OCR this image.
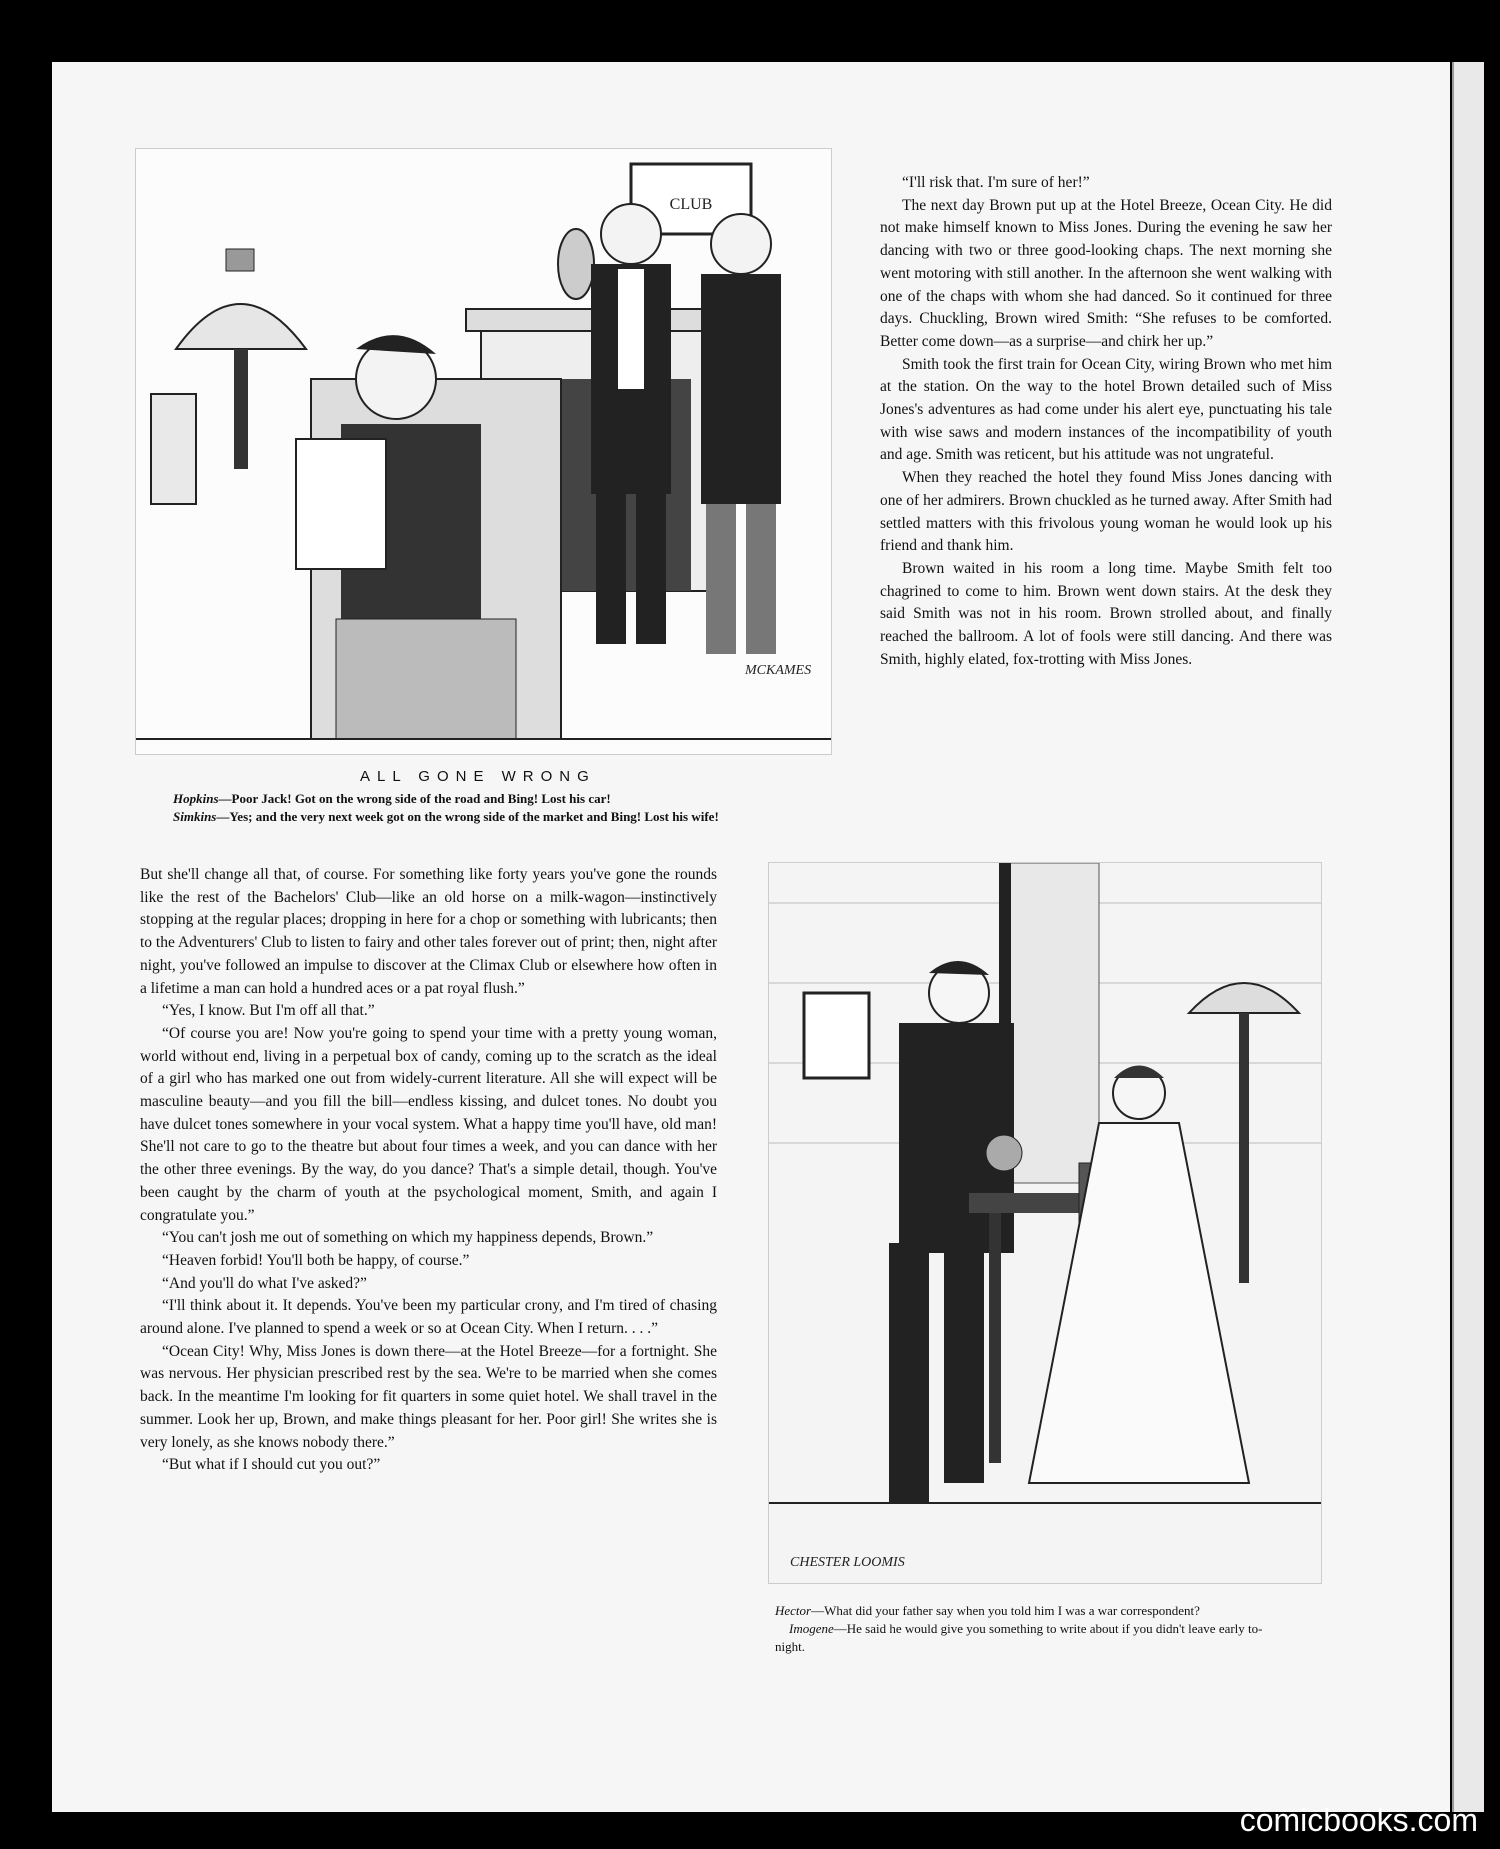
CLUB
MCKAMES
ALL GONE WRONG

Hopkins—Poor Jack! Got on the wrong side of the road and Bing! Lost his car!

Simkins—Yes; and the very next week got on the wrong side of the market and Bing! Lost his wife!

“I'll risk that. I'm sure of her!”

The next day Brown put up at the Hotel Breeze, Ocean City. He did not make himself known to Miss Jones. During the evening he saw her dancing with two or three good-looking chaps. The next morning she went motoring with still another. In the afternoon she went walking with one of the chaps with whom she had danced. So it continued for three days. Chuckling, Brown wired Smith: “She refuses to be comforted. Better come down—as a surprise—and chirk her up.”

Smith took the first train for Ocean City, wiring Brown who met him at the station. On the way to the hotel Brown detailed such of Miss Jones's adventures as had come under his alert eye, punctuating his tale with wise saws and modern instances of the incompatibility of youth and age. Smith was reticent, but his attitude was not ungrateful.

When they reached the hotel they found Miss Jones dancing with one of her admirers. Brown chuckled as he turned away. After Smith had settled matters with this frivolous young woman he would look up his friend and thank him.

Brown waited in his room a long time. Maybe Smith felt too chagrined to come to him. Brown went down stairs. At the desk they said Smith was not in his room. Brown strolled about, and finally reached the ballroom. A lot of fools were still dancing. And there was Smith, highly elated, fox-trotting with Miss Jones.

But she'll change all that, of course. For something like forty years you've gone the rounds like the rest of the Bachelors' Club—like an old horse on a milk-wagon—instinctively stopping at the regular places; dropping in here for a chop or something with lubricants; then to the Adventurers' Club to listen to fairy and other tales forever out of print; then, night after night, you've followed an impulse to discover at the Climax Club or elsewhere how often in a lifetime a man can hold a hundred aces or a pat royal flush.”

“Yes, I know. But I'm off all that.”

“Of course you are! Now you're going to spend your time with a pretty young woman, world without end, living in a perpetual box of candy, coming up to the scratch as the ideal of a girl who has marked one out from widely-current literature. All she will expect will be masculine beauty—and you fill the bill—endless kissing, and dulcet tones. No doubt you have dulcet tones somewhere in your vocal system. What a happy time you'll have, old man! She'll not care to go to the theatre but about four times a week, and you can dance with her the other three evenings. By the way, do you dance? That's a simple detail, though. You've been caught by the charm of youth at the psychological moment, Smith, and again I congratulate you.”

“You can't josh me out of something on which my happiness depends, Brown.”

“Heaven forbid! You'll both be happy, of course.”

“And you'll do what I've asked?”

“I'll think about it. It depends. You've been my particular crony, and I'm tired of chasing around alone. I've planned to spend a week or so at Ocean City. When I return. . . .”

“Ocean City! Why, Miss Jones is down there—at the Hotel Breeze—for a fortnight. She was nervous. Her physician prescribed rest by the sea. We're to be married when she comes back. In the meantime I'm looking for fit quarters in some quiet hotel. We shall travel in the summer. Look her up, Brown, and make things pleasant for her. Poor girl! She writes she is very lonely, as she knows nobody there.”

“But what if I should cut you out?”

CHESTER LOOMIS

Hector—What did your father say when you told him I was a war correspondent?

Imogene—He said he would give you something to write about if you didn't leave early to-night.

comicbooks.com
